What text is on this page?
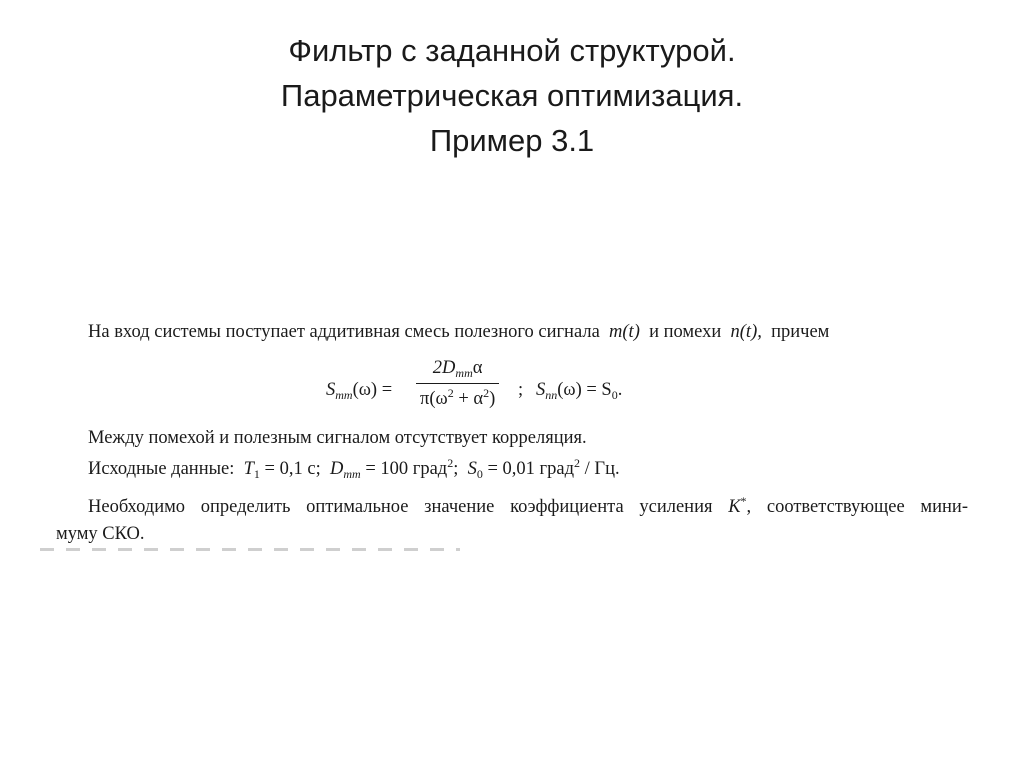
Фильтр с заданной структурой.
Параметрическая оптимизация.
Пример 3.1
На вход системы поступает аддитивная смесь полезного сигнала m(t) и помехи n(t), причем
$S_{mm}(\omega)$ =
$2D_{mm}\alpha$
$\pi(\omega^2 + \alpha^2)$ ; $S_{nn}(\omega) = S_0$.
Между помехой и полезным сигналом отсутствует корреляция.
Исходные данные: $T_1 = 0,1$ с; $D_{mm} = 100$ град$^2$; $S_0 = 0,01$ град$^2$ / Гц.
Необходимо определить оптимальное значение коэффициента усиления K*, соответствующее мини-
муму СКО.
